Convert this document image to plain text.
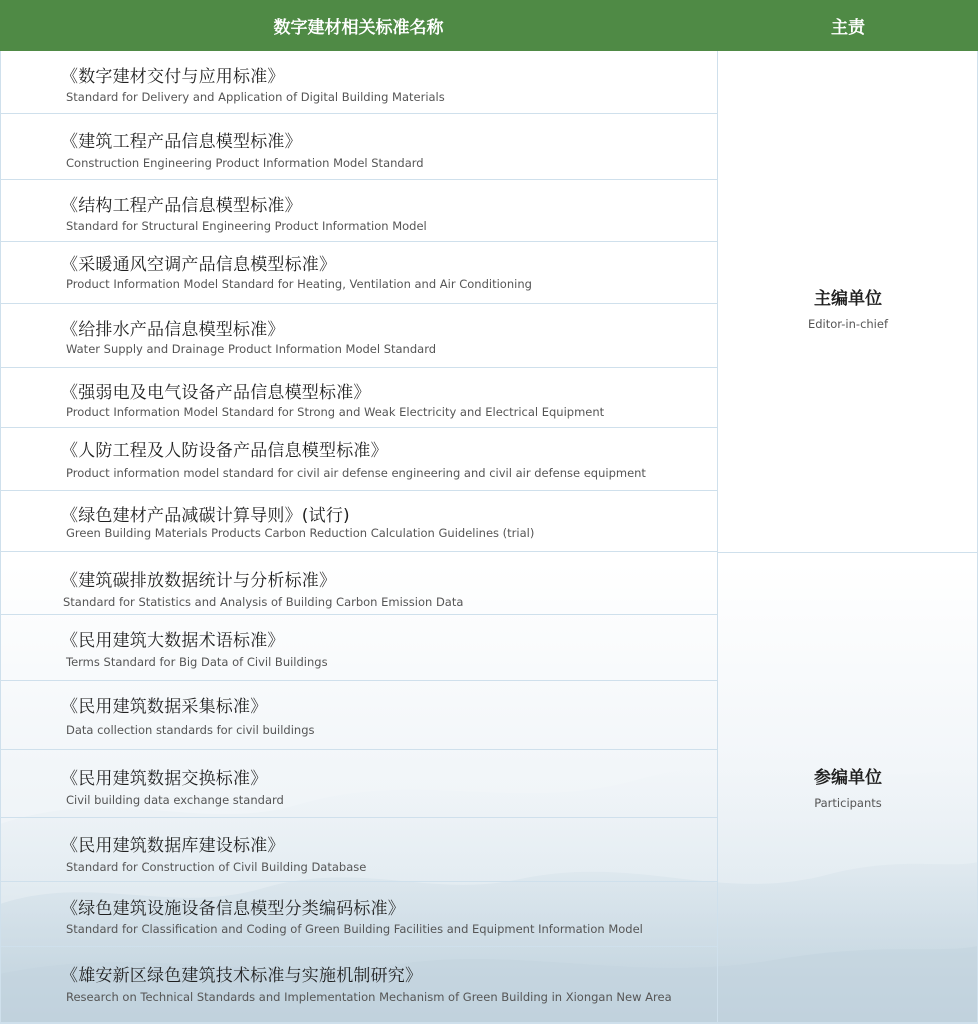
数字建材相关标准名称	主责
《数字建材交付与应用标准》
Standard for Delivery and Application of Digital Building Materials
《建筑工程产品信息模型标准》
Construction Engineering Product Information Model Standard
《结构工程产品信息模型标准》
Standard for Structural Engineering Product Information Model
《采暖通风空调产品信息模型标准》
Product Information Model Standard for Heating, Ventilation and Air Conditioning
《给排水产品信息模型标准》
Water Supply and Drainage Product Information Model Standard
《强弱电及电气设备产品信息模型标准》
Product Information Model Standard for Strong and Weak Electricity and Electrical Equipment
《人防工程及人防设备产品信息模型标准》
Product information model standard for civil air defense engineering and civil air defense equipment
《绿色建材产品减碳计算导则》(试行)
Green Building Materials Products Carbon Reduction Calculation Guidelines (trial)
《建筑碳排放数据统计与分析标准》
Standard for Statistics and Analysis of Building Carbon Emission Data
《民用建筑大数据术语标准》
Terms Standard for Big Data of Civil Buildings
《民用建筑数据采集标准》
Data collection standards for civil buildings
《民用建筑数据交换标准》
Civil building data exchange standard
《民用建筑数据库建设标准》
Standard for Construction of Civil Building Database
《绿色建筑设施设备信息模型分类编码标准》
Standard for Classification and Coding of Green Building Facilities and Equipment Information Model
《雄安新区绿色建筑技术标准与实施机制研究》
Research on Technical Standards and Implementation Mechanism of Green Building in Xiongan New Area
主编单位
Editor-in-chief
参编单位
Participants
